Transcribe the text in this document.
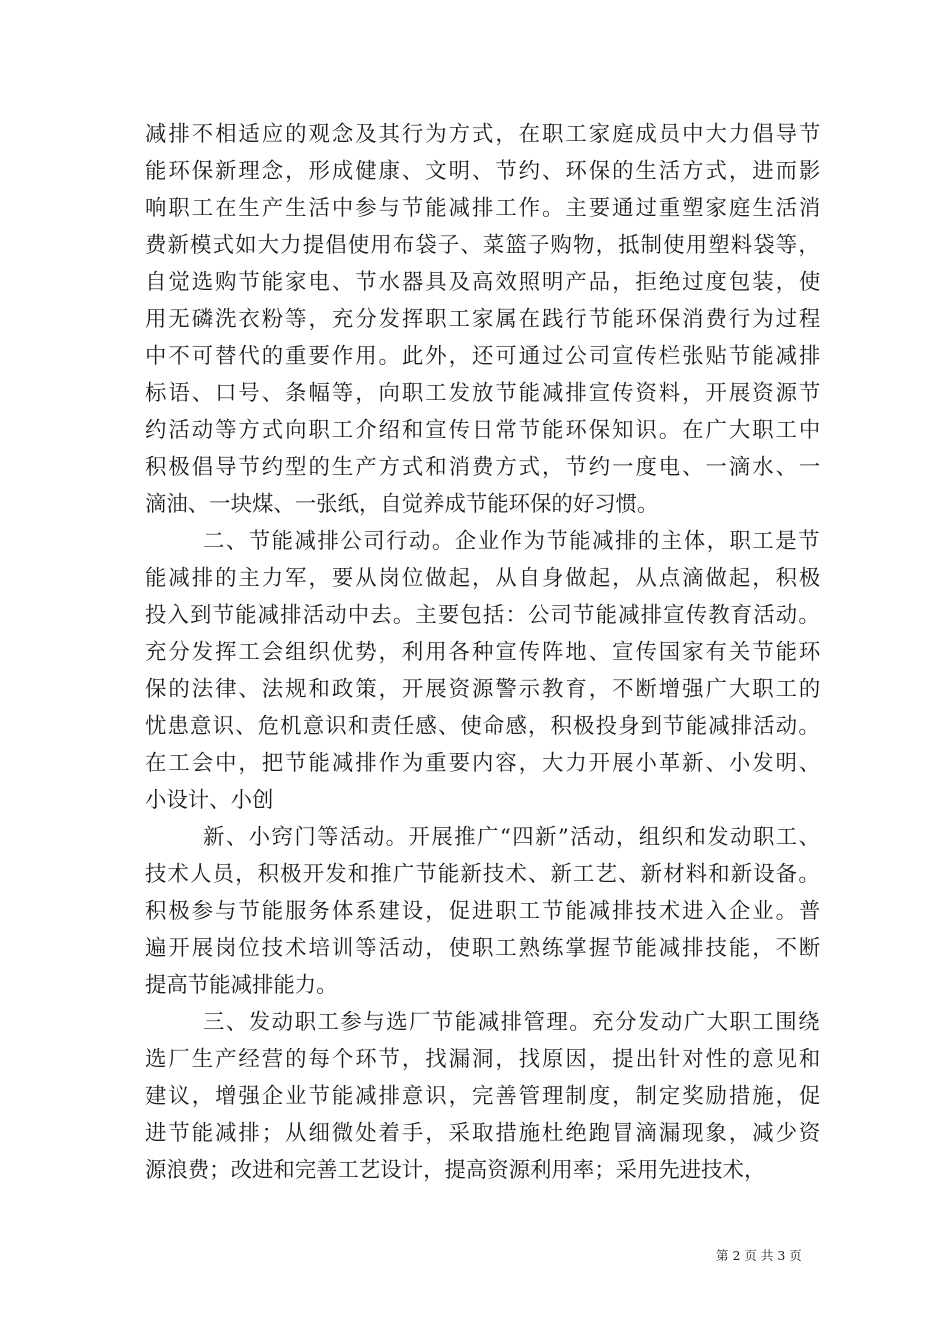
减排不相适应的观念及其行为方式，在职工家庭成员中大力倡导节
能环保新理念，形成健康、文明、节约、环保的生活方式，进而影
响职工在生产生活中参与节能减排工作。主要通过重塑家庭生活消
费新模式如大力提倡使用布袋子、菜篮子购物，抵制使用塑料袋等，
自觉选购节能家电、节水器具及高效照明产品，拒绝过度包装，使
用无磷洗衣粉等，充分发挥职工家属在践行节能环保消费行为过程
中不可替代的重要作用。此外，还可通过公司宣传栏张贴节能减排
标语、口号、条幅等，向职工发放节能减排宣传资料，开展资源节
约活动等方式向职工介绍和宣传日常节能环保知识。在广大职工中
积极倡导节约型的生产方式和消费方式，节约一度电、一滴水、一
滴油、一块煤、一张纸，自觉养成节能环保的好习惯。
二、节能减排公司行动。企业作为节能减排的主体，职工是节
能减排的主力军，要从岗位做起，从自身做起，从点滴做起，积极
投入到节能减排活动中去。主要包括：公司节能减排宣传教育活动。
充分发挥工会组织优势，利用各种宣传阵地、宣传国家有关节能环
保的法律、法规和政策，开展资源警示教育，不断增强广大职工的
忧患意识、危机意识和责任感、使命感，积极投身到节能减排活动。
在工会中，把节能减排作为重要内容，大力开展小革新、小发明、
小设计、小创
新、小窍门等活动。开展推广“四新”活动，组织和发动职工、
技术人员，积极开发和推广节能新技术、新工艺、新材料和新设备。
积极参与节能服务体系建设，促进职工节能减排技术进入企业。普
遍开展岗位技术培训等活动，使职工熟练掌握节能减排技能，不断
提高节能减排能力。
三、发动职工参与选厂节能减排管理。充分发动广大职工围绕
选厂生产经营的每个环节，找漏洞，找原因，提出针对性的意见和
建议，增强企业节能减排意识，完善管理制度，制定奖励措施，促
进节能减排；从细微处着手，采取措施杜绝跑冒滴漏现象，减少资
源浪费；改进和完善工艺设计，提高资源利用率；采用先进技术，
第 2 页 共 3 页
